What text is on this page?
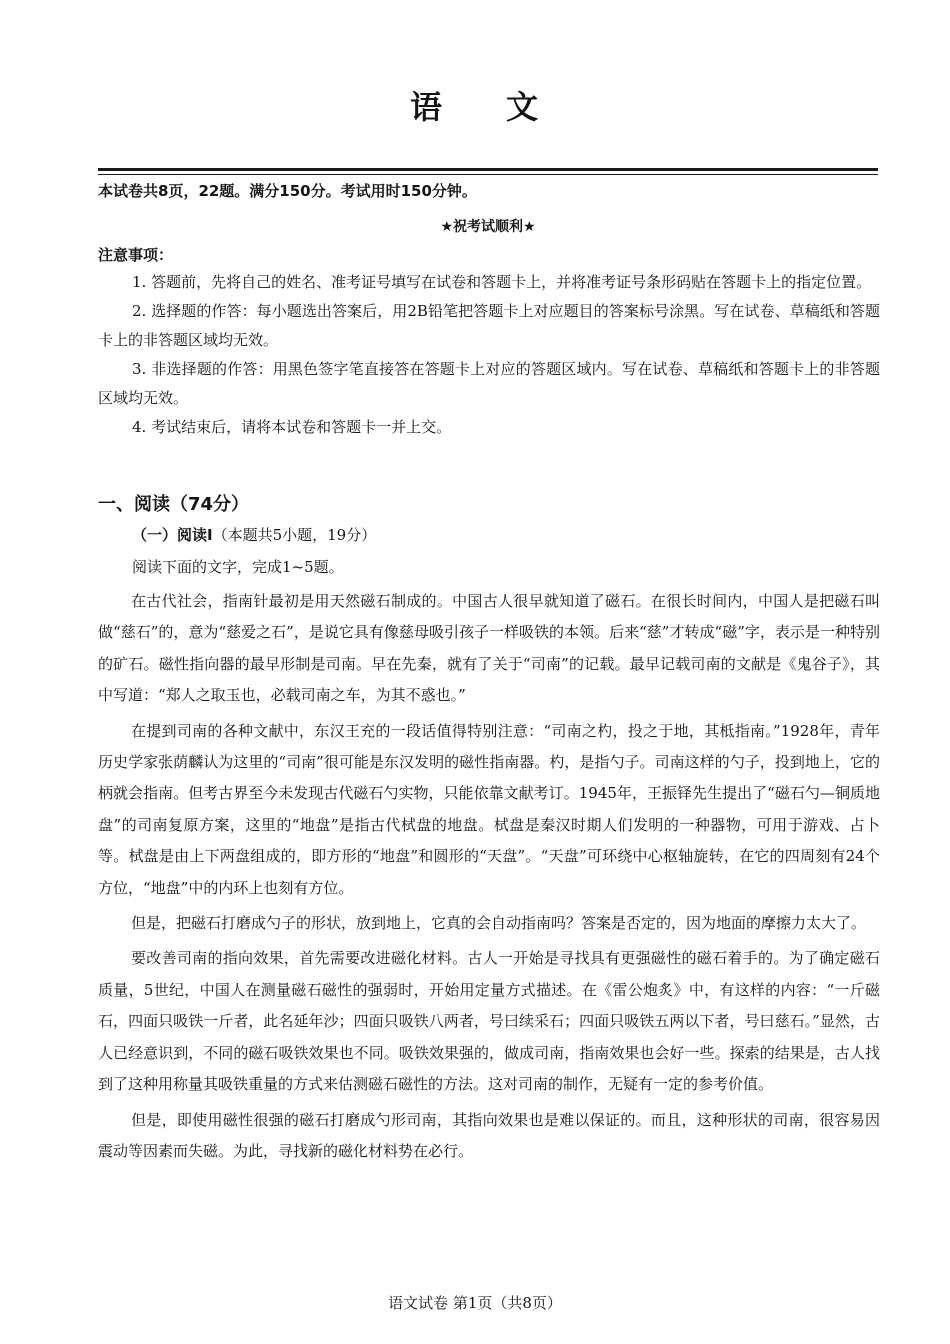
语 文
本试卷共8页，22题。满分150分。考试用时150分钟。
★祝考试顺利★
注意事项：

1. 答题前，先将自己的姓名、准考证号填写在试卷和答题卡上，并将准考证号条形码贴在答题卡上的指定位置。

2. 选择题的作答：每小题选出答案后，用2B铅笔把答题卡上对应题目的答案标号涂黑。写在试卷、草稿纸和答题卡上的非答题区域均无效。

3. 非选择题的作答：用黑色签字笔直接答在答题卡上对应的答题区域内。写在试卷、草稿纸和答题卡上的非答题区域均无效。

4. 考试结束后，请将本试卷和答题卡一并上交。

一、阅读（74分）
（一）阅读Ⅰ（本题共5小题，19分）
阅读下面的文字，完成1~5题。

在古代社会，指南针最初是用天然磁石制成的。中国古人很早就知道了磁石。在很长时间内，中国人是把磁石叫做“慈石”的，意为“慈爱之石”，是说它具有像慈母吸引孩子一样吸铁的本领。后来“慈”才转成“磁”字，表示是一种特别的矿石。磁性指向器的最早形制是司南。早在先秦，就有了关于“司南”的记载。最早记载司南的文献是《鬼谷子》，其中写道：“郑人之取玉也，必载司南之车，为其不惑也。”

在提到司南的各种文献中，东汉王充的一段话值得特别注意：“司南之杓，投之于地，其柢指南。”1928年，青年历史学家张荫麟认为这里的“司南”很可能是东汉发明的磁性指南器。杓，是指勺子。司南这样的勺子，投到地上，它的柄就会指南。但考古界至今未发现古代磁石勺实物，只能依靠文献考订。1945年，王振铎先生提出了“磁石勺—铜质地盘”的司南复原方案，这里的“地盘”是指古代栻盘的地盘。栻盘是秦汉时期人们发明的一种器物，可用于游戏、占卜等。栻盘是由上下两盘组成的，即方形的“地盘”和圆形的“天盘”。“天盘”可环绕中心枢轴旋转，在它的四周刻有24个方位，“地盘”中的内环上也刻有方位。

但是，把磁石打磨成勺子的形状，放到地上，它真的会自动指南吗？答案是否定的，因为地面的摩擦力太大了。

要改善司南的指向效果，首先需要改进磁化材料。古人一开始是寻找具有更强磁性的磁石着手的。为了确定磁石质量，5世纪，中国人在测量磁石磁性的强弱时，开始用定量方式描述。在《雷公炮炙》中，有这样的内容：“一斤磁石，四面只吸铁一斤者，此名延年沙；四面只吸铁八两者，号曰续采石；四面只吸铁五两以下者，号曰慈石。”显然，古人已经意识到，不同的磁石吸铁效果也不同。吸铁效果强的，做成司南，指南效果也会好一些。探索的结果是，古人找到了这种用称量其吸铁重量的方式来估测磁石磁性的方法。这对司南的制作，无疑有一定的参考价值。

但是，即使用磁性很强的磁石打磨成勺形司南，其指向效果也是难以保证的。而且，这种形状的司南，很容易因震动等因素而失磁。为此，寻找新的磁化材料势在必行。

语文试卷 第1页（共8页）
